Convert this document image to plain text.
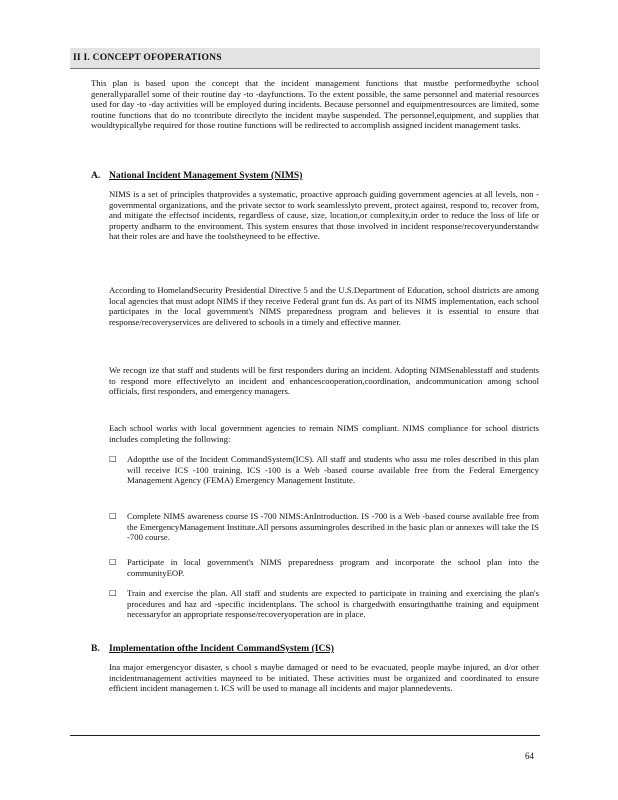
II I. CONCEPT OFOPERATIONS
This plan is based upon the concept that the incident management functions that mustbe performedbythe school generallyparallel some of their routine day -to -dayfunctions. To the extent possible, the same personnel and material resources used for day -to -day activities will be employed during incidents. Because personnel and equipmentresources are limited, some routine functions that do no tcontribute directlyto the incident maybe suspended. The personnel,equipment, and supplies that wouldtypicallybe required for those routine functions will be redirected to accomplish assigned incident management tasks.
A. National Incident Management System (NIMS)
NIMS is a set of principles thatprovides a systematic, proactive approach guiding government agencies at all levels, non -governmental organizations, and the private sector to work seamlesslyto prevent, protect against, respond to, recover from, and mitigate the effectsof incidents, regardless of cause, size, location,or complexity,in order to reduce the loss of life or property andharm to the environment. This system ensures that those involved in incident response/recoveryunderstandw hat their roles are and have the toolstheyneed to be effective.
According to HomelandSecurity Presidential Directive 5 and the U.S.Department of Education, school districts are among local agencies that must adopt NIMS if they receive Federal grant fun ds. As part of its NIMS implementation, each school participates in the local government's NIMS preparedness program and believes it is essential to ensure that response/recoveryservices are delivered to schools in a timely and effective manner.
We recogn ize that staff and students will be first responders during an incident. Adopting NIMSenablesstaff and students to respond more effectivelyto an incident and enhancescooperation,coordination, andcommunication among school officials, first responders, and emergency managers.
Each school works with local government agencies to remain NIMS compliant. NIMS compliance for school districts includes completing the following:
□	Adoptthe use of the Incident CommandSystem(ICS). All staff and students who assu me roles described in this plan will receive ICS -100 training. ICS -100 is a Web -based course available free from the Federal Emergency Management Agency (FEMA) Emergency Management Institute.
□	Complete NIMS awareness course IS -700 NIMS:AnIntroduction. IS -700 is a Web -based course available free from the EmergencyManagement Institute.All persons assumingroles described in the basic plan or annexes will take the IS -700 course.
□	Participate in local government's NIMS preparedness program and incorporate the school plan into the communityEOP.
□	Train and exercise the plan. All staff and students are expected to participate in training and exercising the plan's procedures and haz ard -specific incidentplans. The school is chargedwith ensuringthatthe training and equipment necessaryfor an appropriate response/recoveryoperation are in place.
B. Implementation ofthe Incident CommandSystem (ICS)
Ina major emergencyor disaster, s chool s maybe damaged or need to be evacuated, people maybe injured, an d/or other incidentmanagement activities mayneed to be initiated. These activities must be organized and coordinated to ensure efficient incident managemen t. ICS will be used to manage all incidents and major plannedevents.
64
